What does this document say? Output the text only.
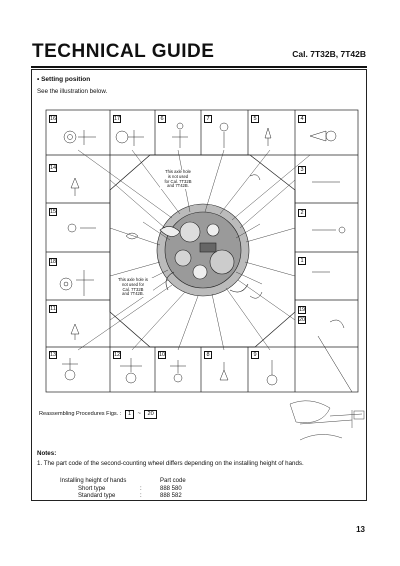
TECHNICAL GUIDE	Cal. 7T32B, 7T42B
• Setting position
See the illustration below.
16	17	6	7	5	4
3
2
1
19
20
13	12	10	8	9
14
15
18
11
This axle hole
is not used
for Cal. 7T32B
and 7T42B.
This axle hole is
not used for
Cal. 7T32B
and 7T42B.
Reassembling Procedures Figs. : 1 ~ 20
Notes:
1. The part code of the second-counting wheel differs depending on the installing height of hands.
Installing height of hands	Part code
Short type	:	888 580
Standard type	:	888 582
13
